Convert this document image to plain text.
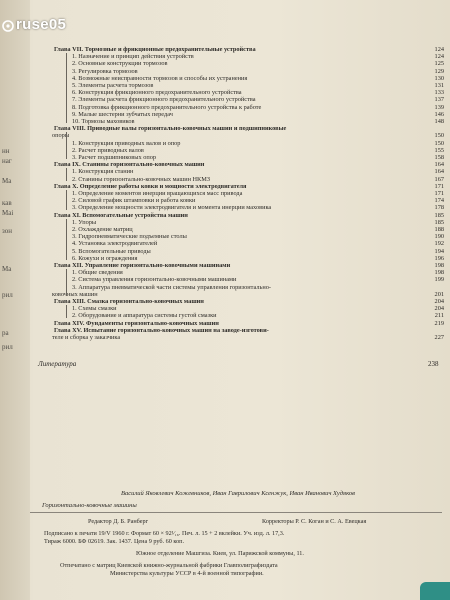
нн
Ма
зон
Ма
рил
наг
кав
Маі
ра
рил
ruse05
Глава VII. Тормозные и фрикционные предохранительные устройства	124
1. Назначение и принцип действия устройств	124
2. Основные конструкции тормозов	125
3. Регулировка тормозов	129
4. Возможные неисправности тормозов и способы их устранения	130
5. Элементы расчета тормозов	131
6. Конструкция фрикционного предохранительного устройства	133
7. Элементы расчета фрикционного предохранительного устройства	137
8. Подготовка фрикционного предохранительного устройства к работе	139
9. Малые шестерни зубчатых передач	146
10. Тормозы маховиков	148
Глава VIII. Приводные валы горизонтально-ковочных машин и подшипниковые
опоры	150
1. Конструкция приводных валов и опор	150
2. Расчет приводных валов	155
3. Расчет подшипниковых опор	158
Глава IX. Станины горизонтально-ковочных машин	164
1. Конструкция станин	164
2. Станины горизонтально-ковочных машин НКМЗ	167
Глава X. Определение работы ковки и мощности электродвигателя	171
1. Определение моментов инерции вращающихся масс привода	171
2. Силовой график штамповки и работа ковки	174
3. Определение мощности электродвигателя и момента инерции маховика	178
Глава XI. Вспомогательные устройства машин	185
1. Упоры	185
2. Охлаждение матриц	188
3. Гидропневматические подъемные столы	190
4. Установка электродвигателей	192
5. Вспомогательные приводы	194
6. Кожухи и ограждения	196
Глава XII. Управление горизонтально-ковочными машинами	198
1. Общие сведения	198
2. Система управления горизонтально-ковочными машинами	199
3. Аппаратура пневматической части системы управления горизонтально-
ковочных машин	201
Глава XIII. Смазка горизонтально-ковочных машин	204
1. Схемы смазки	204
2. Оборудование и аппаратура системы густой смазки	211
Глава XIV. Фундаменты горизонтально-ковочных машин	219
Глава XV. Испытание горизонтально-ковочных машин на заводе-изготови-
теле и сборка у заказчика	227
Литература	238
Василий Яковлевич Кожевников, Иван Гаврилович Ксенжук, Иван Иванович Худяков
Горизонтально-ковочные машины
Редактор Д. Б. Ранберг	Корректоры Р. С. Коган и С. А. Евецкая
Подписано к печати 19/V 1960 г. Формат 60 × 92¹⁄₁₆. Печ. л. 15 + 2 вклейки. Уч. изд. л. 17,3.
Тираж 6000. БФ 02619. Зак. 1437. Цена 9 руб. 60 коп.
Южное отделение Машгиза. Киев, ул. Парижской коммуны, 11.
Отпечатано с матриц Киевской книжно-журнальной фабрики Главполиграфиздата
Министерства культуры УССР в 4-й военной типографии.
